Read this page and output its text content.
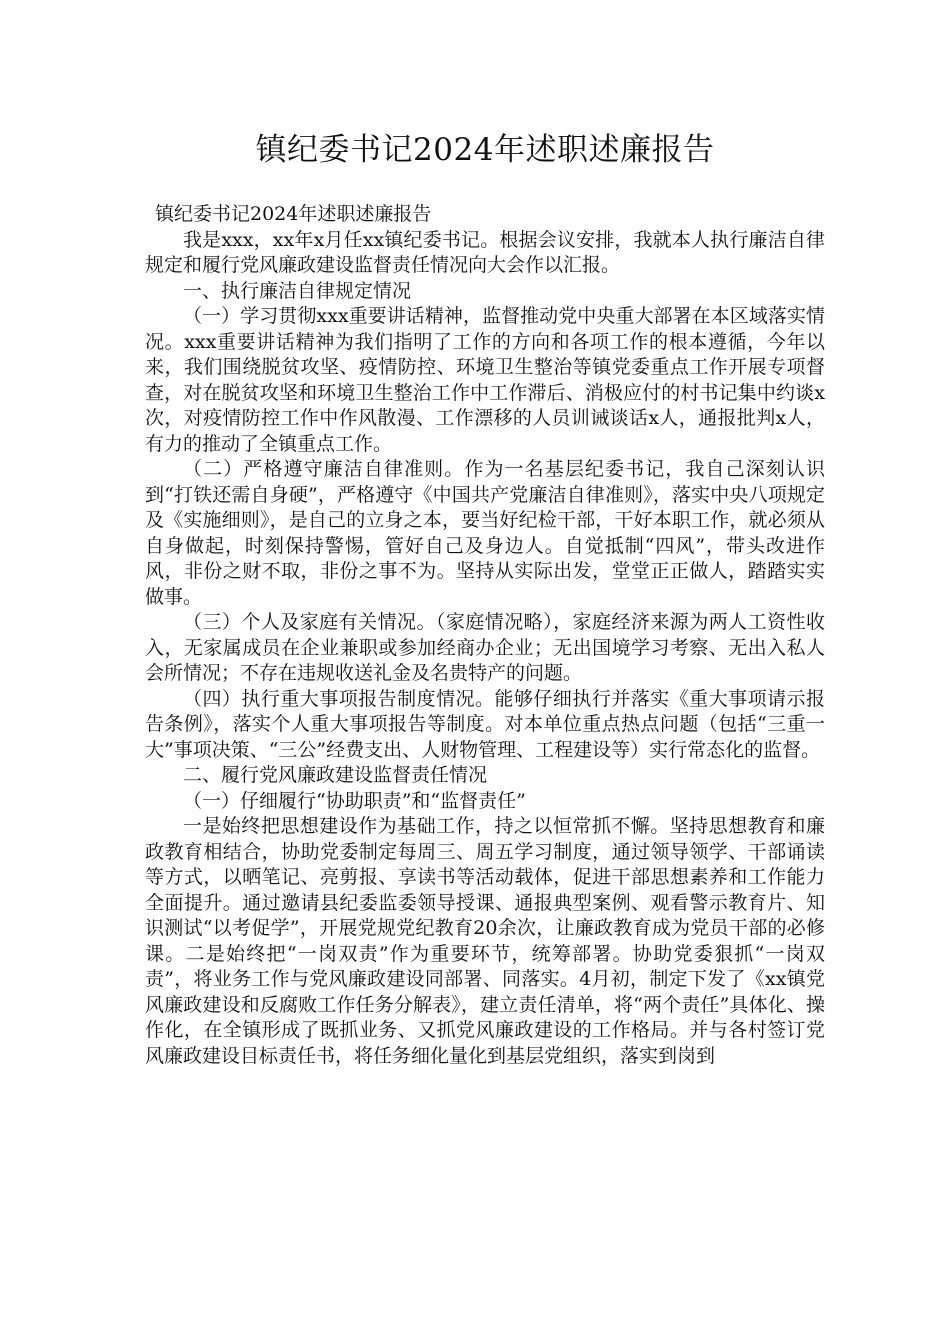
镇纪委书记2024年述职述廉报告

镇纪委书记2024年述职述廉报告

我是xxx，xx年x月任xx镇纪委书记。根据会议安排，我就本人执行廉洁自律规定和履行党风廉政建设监督责任情况向大会作以汇报。

一、执行廉洁自律规定情况

（一）学习贯彻xxx重要讲话精神，监督推动党中央重大部署在本区域落实情况。xxx重要讲话精神为我们指明了工作的方向和各项工作的根本遵循，今年以来，我们围绕脱贫攻坚、疫情防控、环境卫生整治等镇党委重点工作开展专项督查，对在脱贫攻坚和环境卫生整治工作中工作滞后、消极应付的村书记集中约谈x次，对疫情防控工作中作风散漫、工作漂移的人员训诫谈话x人，通报批判x人，有力的推动了全镇重点工作。

（二）严格遵守廉洁自律准则。作为一名基层纪委书记，我自己深刻认识到“打铁还需自身硬”，严格遵守《中国共产党廉洁自律准则》，落实中央八项规定及《实施细则》，是自己的立身之本，要当好纪检干部，干好本职工作，就必须从自身做起，时刻保持警惕，管好自己及身边人。自觉抵制“四风”，带头改进作风，非份之财不取，非份之事不为。坚持从实际出发，堂堂正正做人，踏踏实实做事。

（三）个人及家庭有关情况。（家庭情况略），家庭经济来源为两人工资性收入，无家属成员在企业兼职或参加经商办企业；无出国境学习考察、无出入私人会所情况；不存在违规收送礼金及名贵特产的问题。

（四）执行重大事项报告制度情况。能够仔细执行并落实《重大事项请示报告条例》，落实个人重大事项报告等制度。对本单位重点热点问题（包括“三重一大”事项决策、“三公”经费支出、人财物管理、工程建设等）实行常态化的监督。

二、履行党风廉政建设监督责任情况

（一）仔细履行“协助职责”和“监督责任”

一是始终把思想建设作为基础工作，持之以恒常抓不懈。坚持思想教育和廉政教育相结合，协助党委制定每周三、周五学习制度，通过领导领学、干部诵读等方式，以晒笔记、亮剪报、享读书等活动载体，促进干部思想素养和工作能力全面提升。通过邀请县纪委监委领导授课、通报典型案例、观看警示教育片、知识测试“以考促学”，开展党规党纪教育20余次，让廉政教育成为党员干部的必修课。二是始终把“一岗双责”作为重要环节，统筹部署。协助党委狠抓“一岗双责”，将业务工作与党风廉政建设同部署、同落实。4月初，制定下发了《xx镇党风廉政建设和反腐败工作任务分解表》，建立责任清单，将“两个责任”具体化、操作化，在全镇形成了既抓业务、又抓党风廉政建设的工作格局。并与各村签订党风廉政建设目标责任书，将任务细化量化到基层党组织，落实到岗到
